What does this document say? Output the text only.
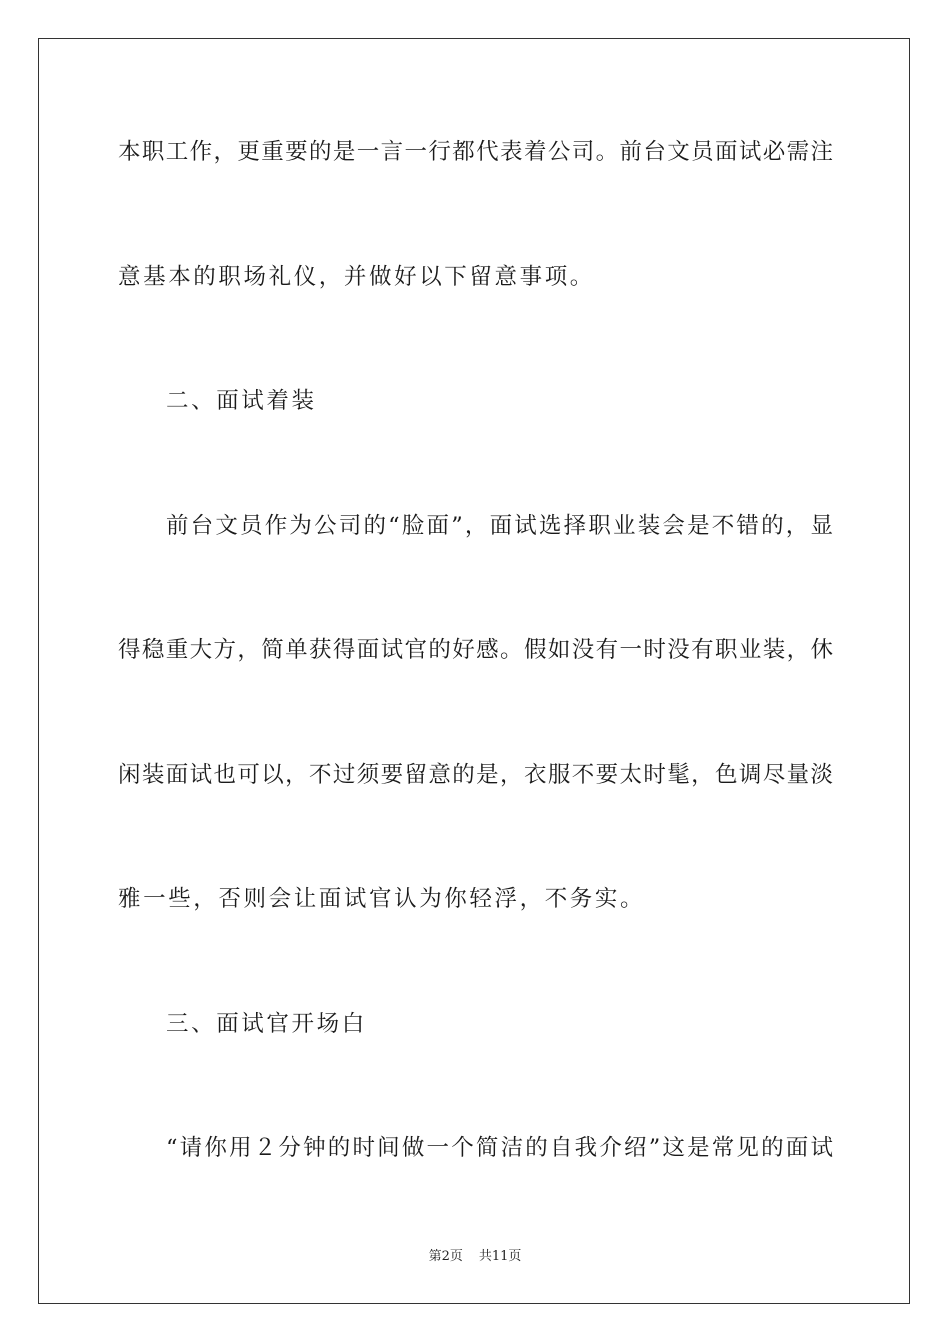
本职工作，更重要的是一言一行都代表着公司。前台文员面试必需注
意基本的职场礼仪，并做好以下留意事项。
二、面试着装
前台文员作为公司的“脸面”，面试选择职业装会是不错的，显
得稳重大方，简单获得面试官的好感。假如没有一时没有职业装，休
闲装面试也可以，不过须要留意的是，衣服不要太时髦，色调尽量淡
雅一些，否则会让面试官认为你轻浮，不务实。
三、面试官开场白
“请你用２分钟的时间做一个简洁的自我介绍”这是常见的面试
第2页 共11页
